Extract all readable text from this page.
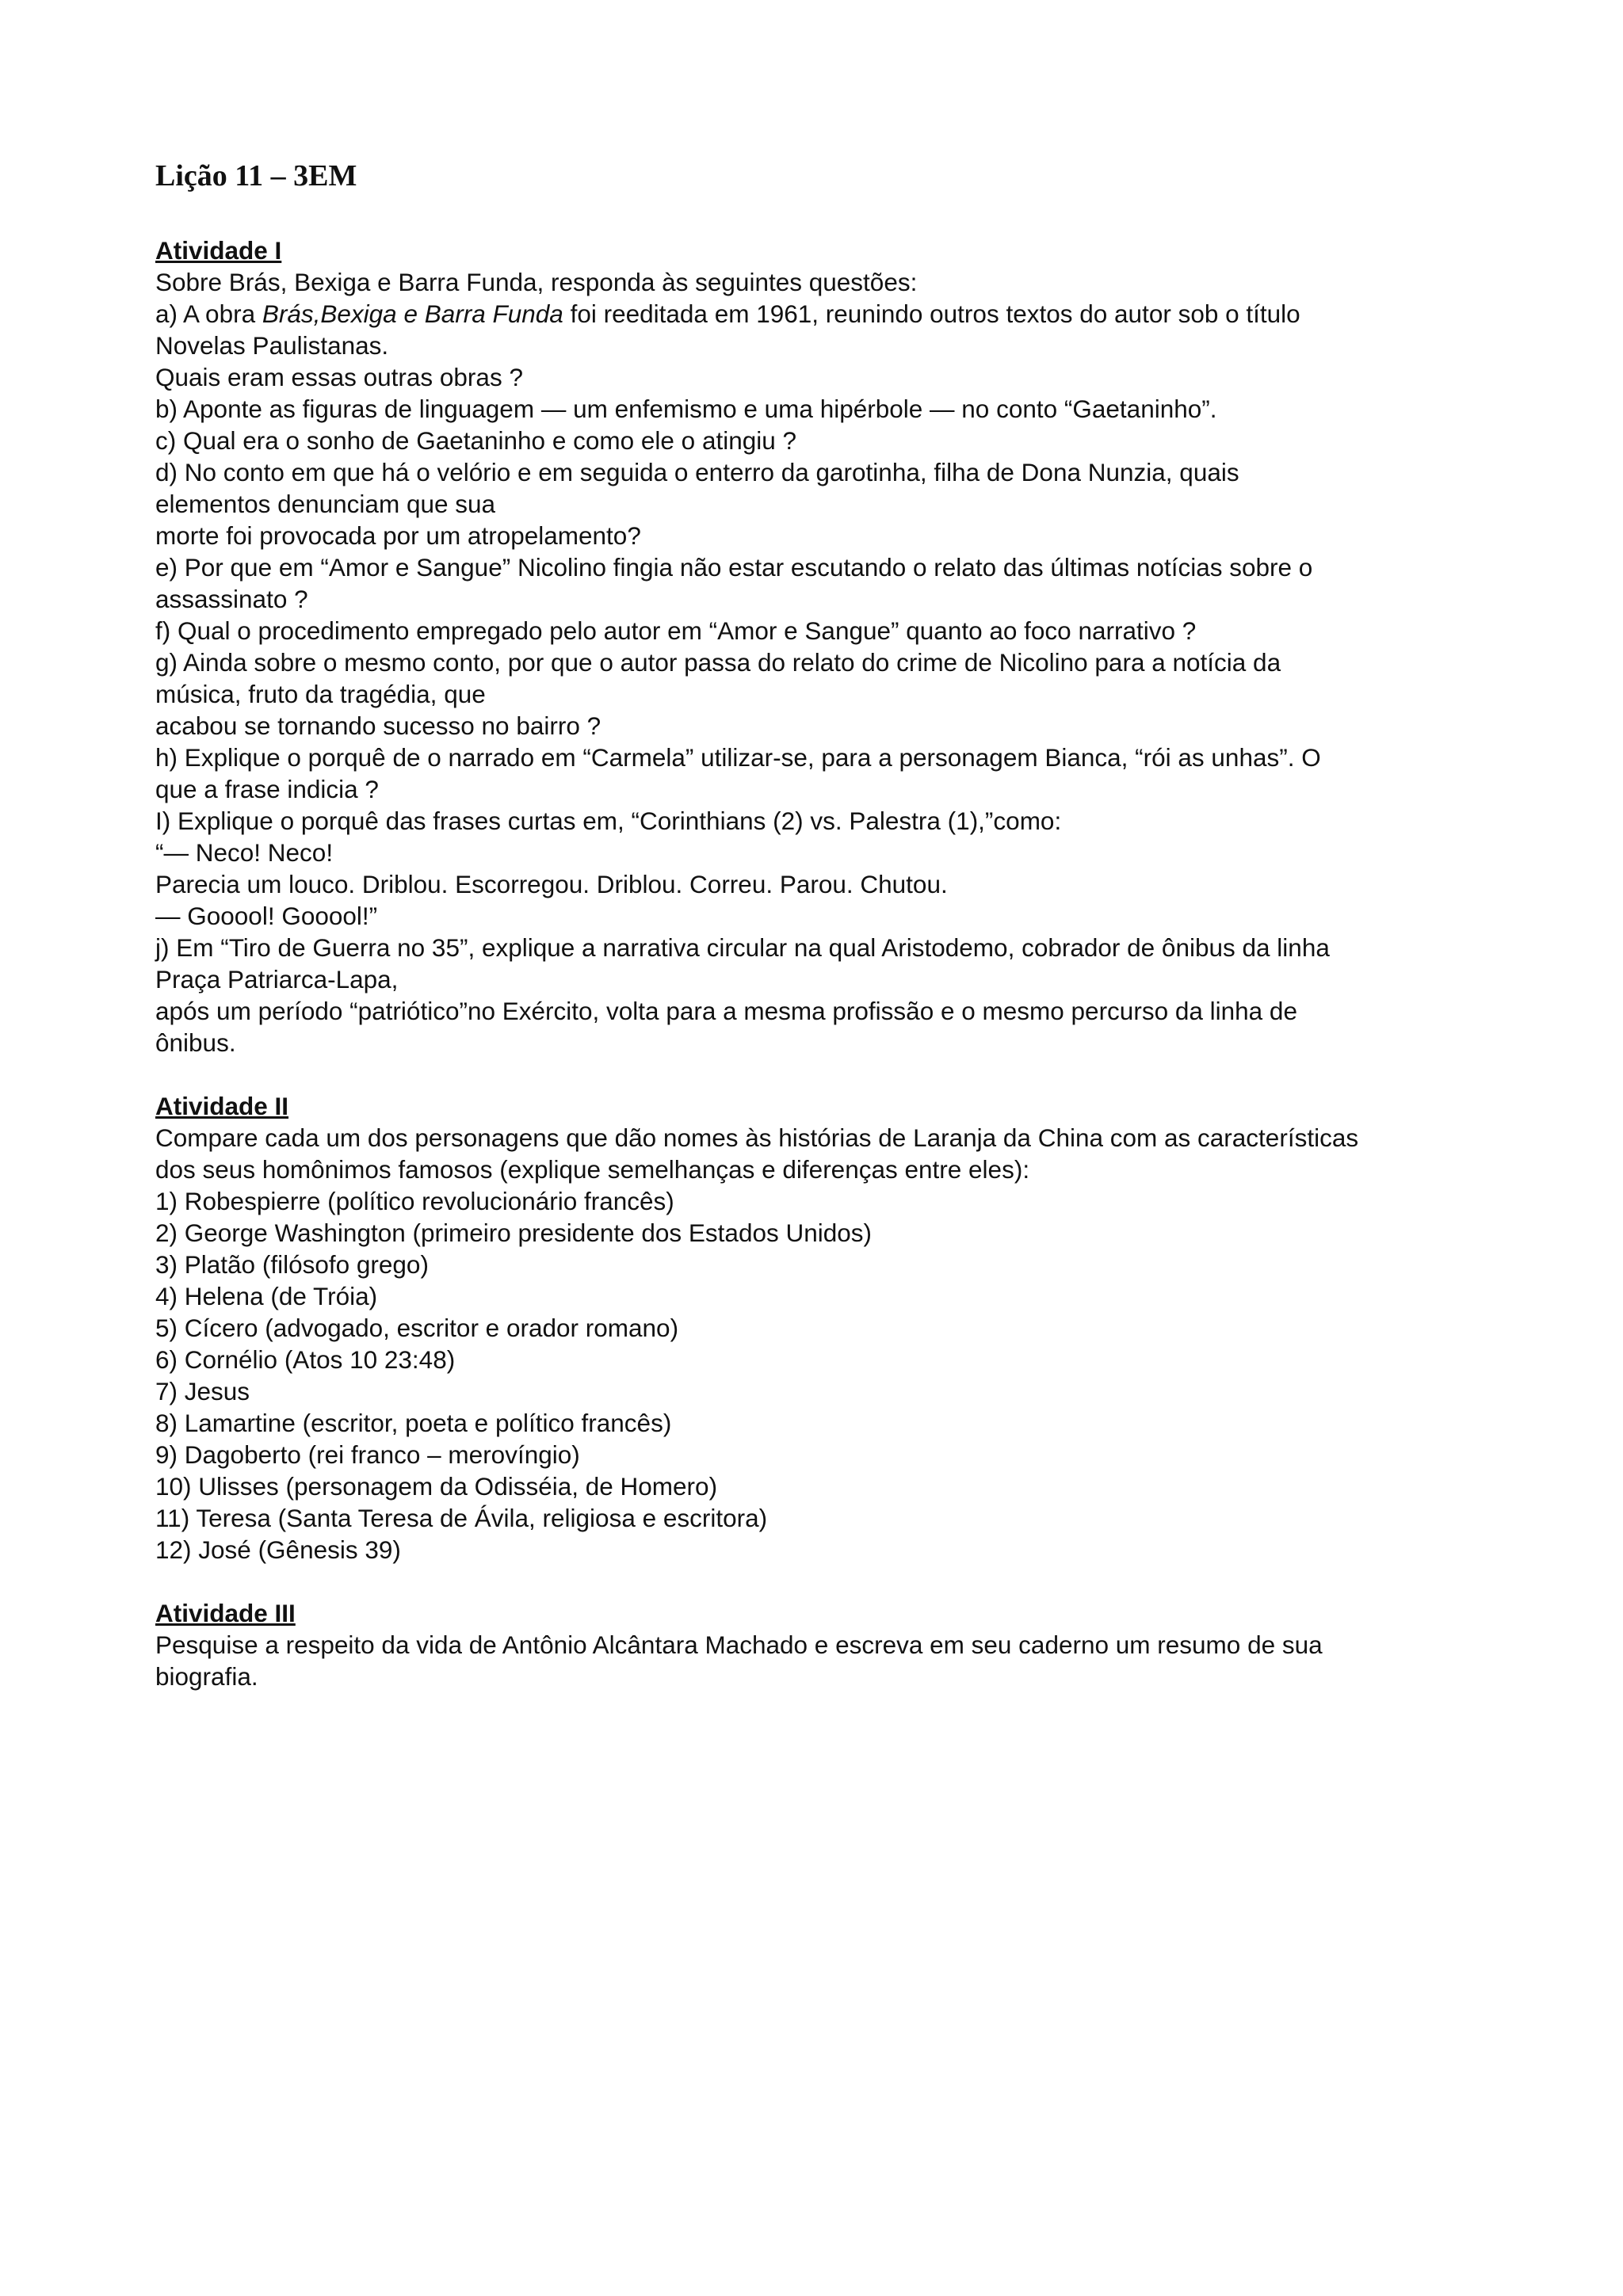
Lição 11 – 3EM

Atividade I

Sobre Brás, Bexiga e Barra Funda, responda às seguintes questões:

a) A obra Brás,Bexiga e Barra Funda foi reeditada em 1961, reunindo outros textos do autor sob o título

Novelas Paulistanas.

Quais eram essas outras obras ?

b) Aponte as figuras de linguagem — um enfemismo e uma hipérbole — no conto “Gaetaninho”.

c) Qual era o sonho de Gaetaninho e como ele o atingiu ?

d) No conto em que há o velório e em seguida o enterro da garotinha, filha de Dona Nunzia, quais

elementos denunciam que sua

morte foi provocada por um atropelamento?

e) Por que em “Amor e Sangue” Nicolino fingia não estar escutando o relato das últimas notícias sobre o

assassinato ?

f) Qual o procedimento empregado pelo autor em “Amor e Sangue” quanto ao foco narrativo ?

g) Ainda sobre o mesmo conto, por que o autor passa do relato do crime de Nicolino para a notícia da

música, fruto da tragédia, que

acabou se tornando sucesso no bairro ?

h) Explique o porquê de o narrado em “Carmela” utilizar-se, para a personagem Bianca, “rói as unhas”. O

que a frase indicia ?

I) Explique o porquê das frases curtas em, “Corinthians (2) vs. Palestra (1),”como:

“— Neco! Neco!

Parecia um louco. Driblou. Escorregou. Driblou. Correu. Parou. Chutou.

— Gooool! Gooool!”

j) Em “Tiro de Guerra no 35”, explique a narrativa circular na qual Aristodemo, cobrador de ônibus da linha

Praça Patriarca-Lapa,

após um período “patriótico”no Exército, volta para a mesma profissão e o mesmo percurso da linha de

ônibus.

Atividade II

Compare cada um dos personagens que dão nomes às histórias de Laranja da China com as características

dos seus homônimos famosos (explique semelhanças e diferenças entre eles):

1) Robespierre (político revolucionário francês)

2) George Washington (primeiro presidente dos Estados Unidos)

3) Platão (filósofo grego)

4) Helena (de Tróia)

5) Cícero (advogado, escritor e orador romano)

6) Cornélio (Atos 10 23:48)

7) Jesus

8) Lamartine (escritor, poeta e político francês)

9) Dagoberto (rei franco – merovíngio)

10) Ulisses (personagem da Odisséia, de Homero)

11) Teresa (Santa Teresa de Ávila, religiosa e escritora)

12) José (Gênesis 39)

Atividade III

Pesquise a respeito da vida de Antônio Alcântara Machado e escreva em seu caderno um resumo de sua

biografia.
